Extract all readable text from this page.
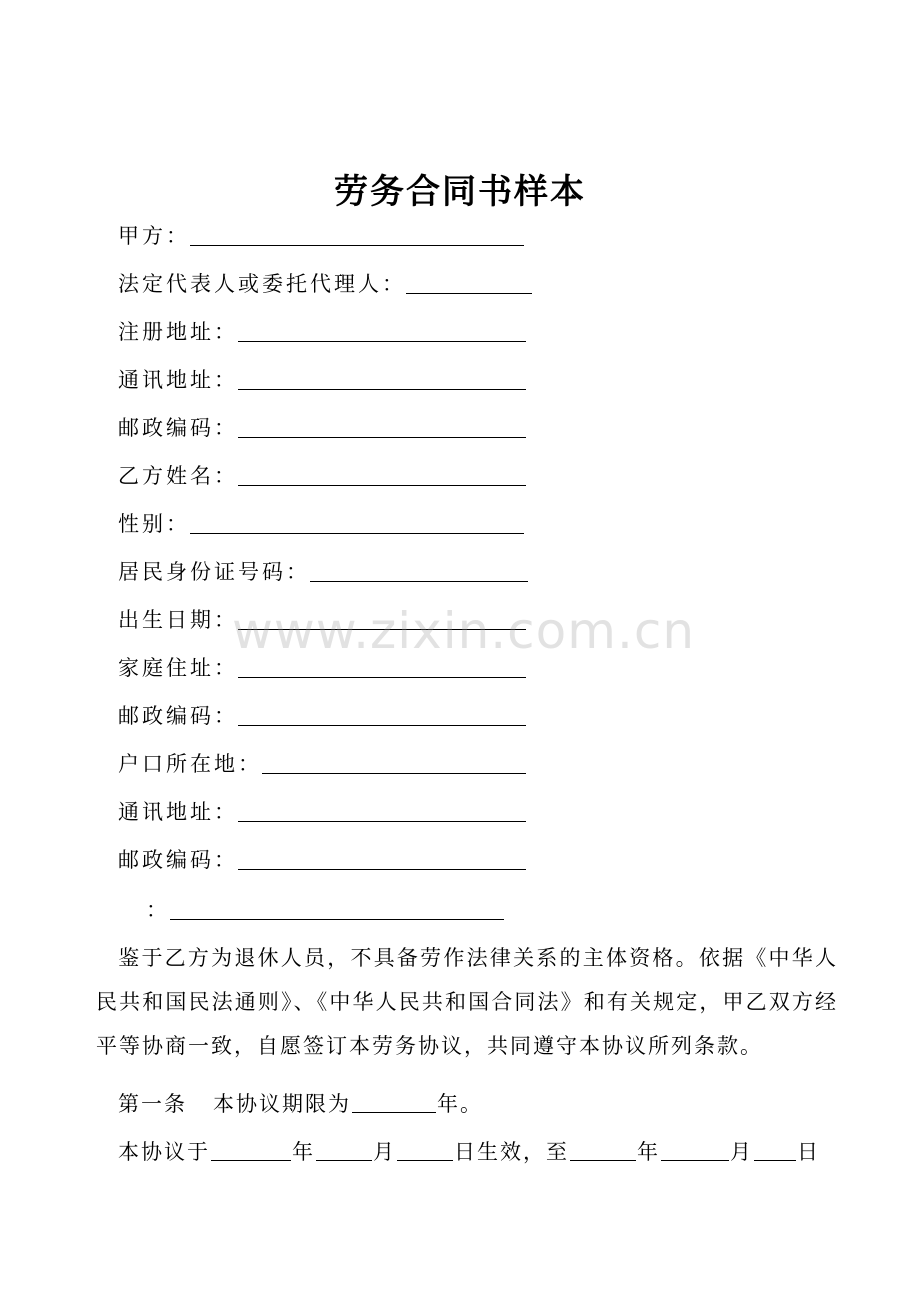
劳务合同书样本
甲方：
法定代表人或委托代理人：
注册地址：
通讯地址：
邮政编码：
乙方姓名：
性别：
居民身份证号码：
出生日期：
家庭住址：
邮政编码：
户口所在地：
通讯地址：
邮政编码：
：
鉴于乙方为退休人员，不具备劳作法律关系的主体资格。依据《中华人民共和国民法通则》、《中华人民共和国合同法》和有关规定，甲乙双方经平等协商一致，自愿签订本劳务协议，共同遵守本协议所列条款。
第一条 本协议期限为	年。
本协议于	年	月	日生效，至	年	月 日
www.zixin.com.cn
